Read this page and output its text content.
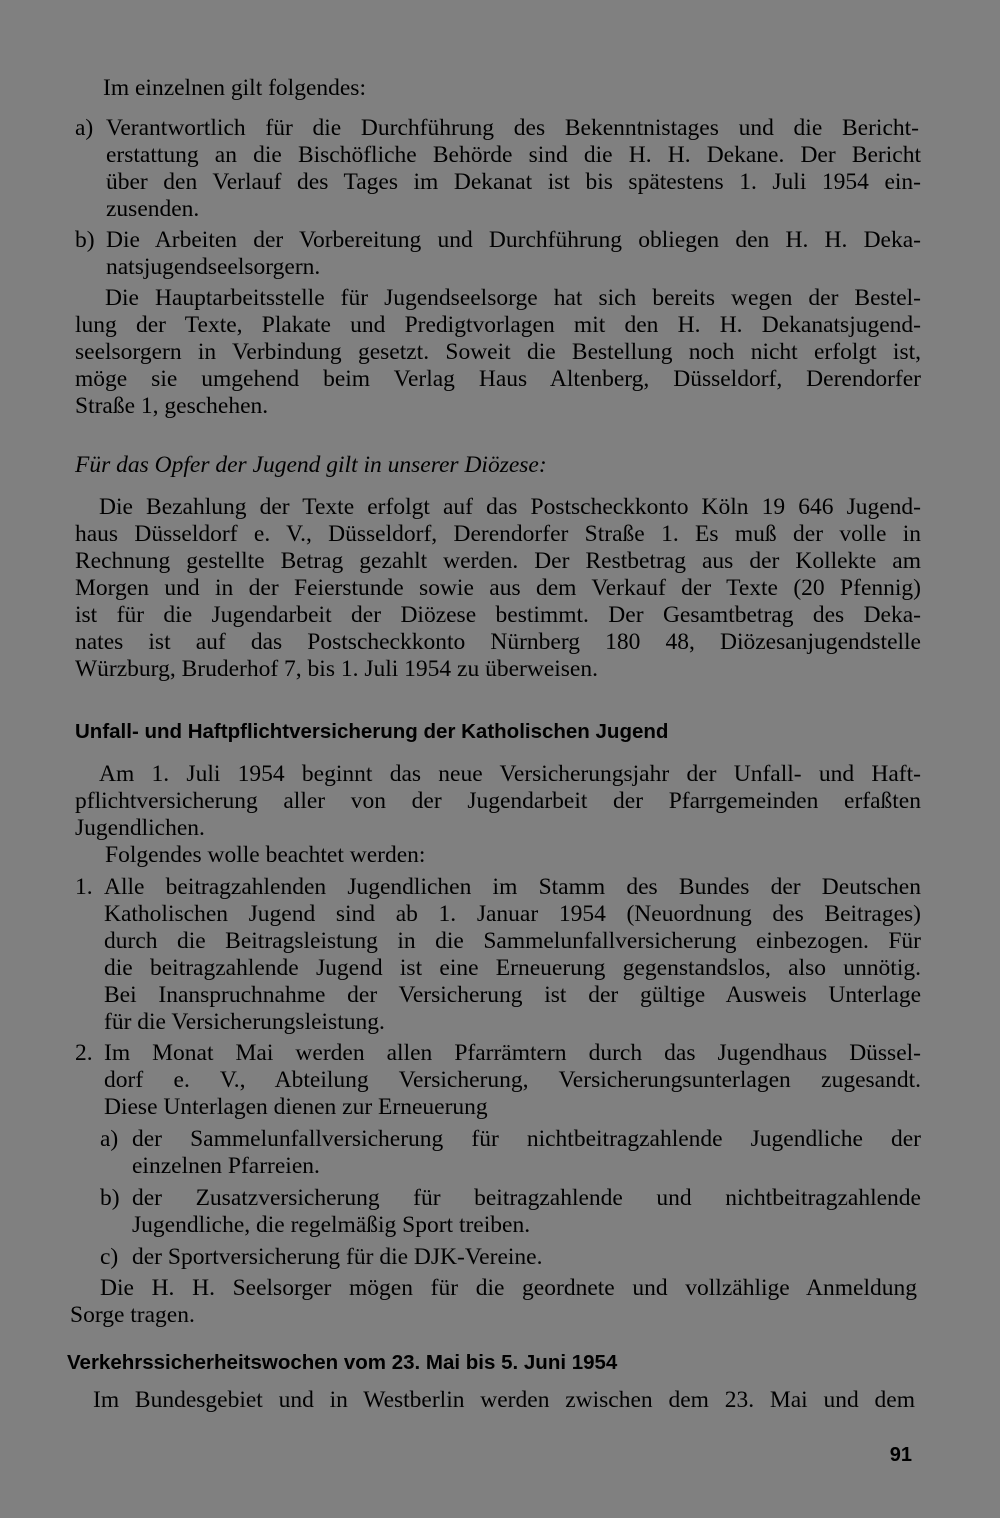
Im einzelnen gilt folgendes:
a) Verantwortlich für die Durchführung des Bekenntnistages und die Bericht-
erstattung an die Bischöfliche Behörde sind die H. H. Dekane. Der Bericht
über den Verlauf des Tages im Dekanat ist bis spätestens 1. Juli 1954 ein-
zusenden.
b) Die Arbeiten der Vorbereitung und Durchführung obliegen den H. H. Deka-
natsjugendseelsorgern.
Die Hauptarbeitsstelle für Jugendseelsorge hat sich bereits wegen der Bestel-
lung der Texte, Plakate und Predigtvorlagen mit den H. H. Dekanatsjugend-
seelsorgern in Verbindung gesetzt. Soweit die Bestellung noch nicht erfolgt ist,
möge sie umgehend beim Verlag Haus Altenberg, Düsseldorf, Derendorfer
Straße 1, geschehen.
Für das Opfer der Jugend gilt in unserer Diözese:
Die Bezahlung der Texte erfolgt auf das Postscheckkonto Köln 19 646 Jugend-
haus Düsseldorf e. V., Düsseldorf, Derendorfer Straße 1. Es muß der volle in
Rechnung gestellte Betrag gezahlt werden. Der Restbetrag aus der Kollekte am
Morgen und in der Feierstunde sowie aus dem Verkauf der Texte (20 Pfennig)
ist für die Jugendarbeit der Diözese bestimmt. Der Gesamtbetrag des Deka-
nates ist auf das Postscheckkonto Nürnberg 180 48, Diözesanjugendstelle
Würzburg, Bruderhof 7, bis 1. Juli 1954 zu überweisen.
Unfall- und Haftpflichtversicherung der Katholischen Jugend
Am 1. Juli 1954 beginnt das neue Versicherungsjahr der Unfall- und Haft-
pflichtversicherung aller von der Jugendarbeit der Pfarrgemeinden erfaßten
Jugendlichen.
Folgendes wolle beachtet werden:
1. Alle beitragzahlenden Jugendlichen im Stamm des Bundes der Deutschen
Katholischen Jugend sind ab 1. Januar 1954 (Neuordnung des Beitrages)
durch die Beitragsleistung in die Sammelunfallversicherung einbezogen. Für
die beitragzahlende Jugend ist eine Erneuerung gegenstandslos, also unnötig.
Bei Inanspruchnahme der Versicherung ist der gültige Ausweis Unterlage
für die Versicherungsleistung.
2. Im Monat Mai werden allen Pfarrämtern durch das Jugendhaus Düssel-
dorf e. V., Abteilung Versicherung, Versicherungsunterlagen zugesandt.
Diese Unterlagen dienen zur Erneuerung
a) der Sammelunfallversicherung für nichtbeitragzahlende Jugendliche der
einzelnen Pfarreien.
b) der Zusatzversicherung für beitragzahlende und nichtbeitragzahlende
Jugendliche, die regelmäßig Sport treiben.
c) der Sportversicherung für die DJK-Vereine.
Die H. H. Seelsorger mögen für die geordnete und vollzählige Anmeldung
Sorge tragen.
Verkehrssicherheitswochen vom 23. Mai bis 5. Juni 1954
Im Bundesgebiet und in Westberlin werden zwischen dem 23. Mai und dem
91
